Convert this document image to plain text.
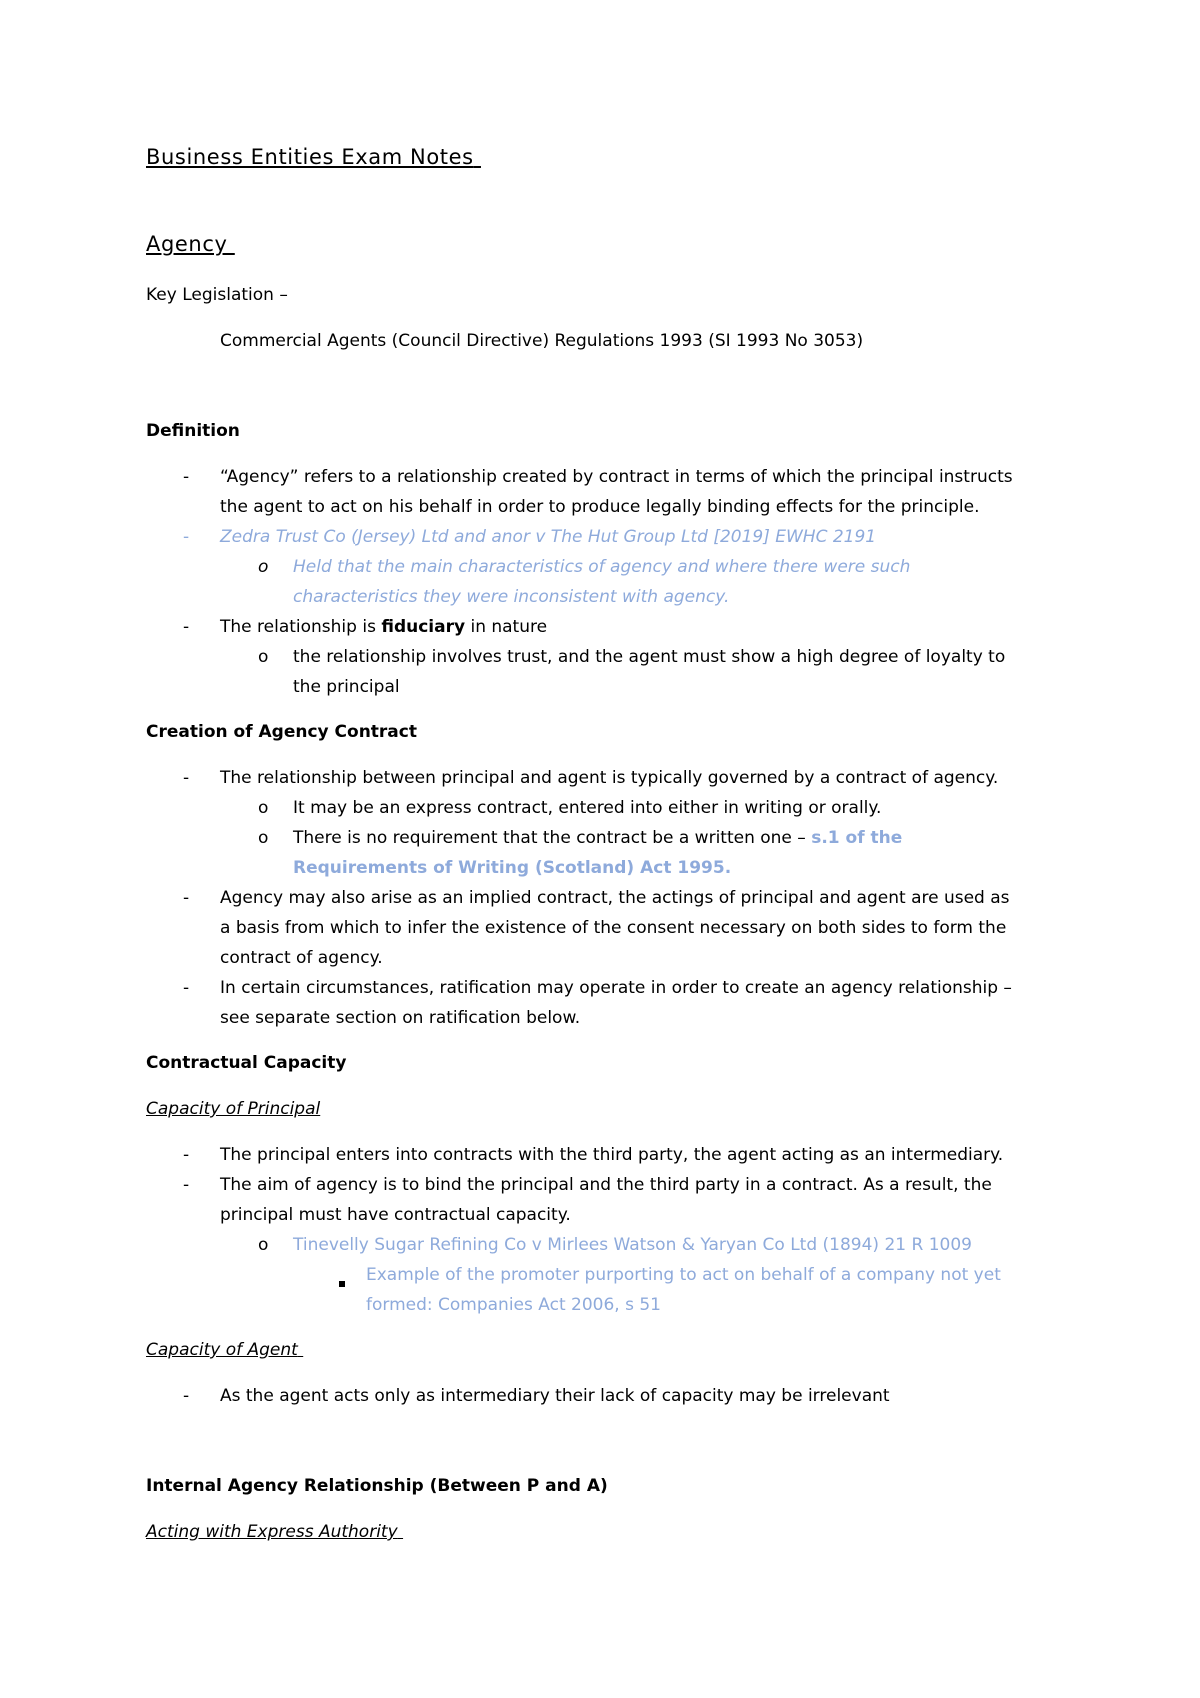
Business Entities Exam Notes
Agency
Key Legislation –
Commercial Agents (Council Directive) Regulations 1993 (SI 1993 No 3053)
Definition
- “Agency” refers to a relationship created by contract in terms of which the principal instructs
the agent to act on his behalf in order to produce legally binding effects for the principle.
- Zedra Trust Co (Jersey) Ltd and anor v The Hut Group Ltd [2019] EWHC 2191
o Held that the main characteristics of agency and where there were such
characteristics they were inconsistent with agency.
- The relationship is fiduciary in nature
o the relationship involves trust, and the agent must show a high degree of loyalty to
the principal
Creation of Agency Contract
- The relationship between principal and agent is typically governed by a contract of agency.
o It may be an express contract, entered into either in writing or orally.
o There is no requirement that the contract be a written one – s.1 of the
Requirements of Writing (Scotland) Act 1995.
- Agency may also arise as an implied contract, the actings of principal and agent are used as
a basis from which to infer the existence of the consent necessary on both sides to form the
contract of agency.
- In certain circumstances, ratification may operate in order to create an agency relationship –
see separate section on ratification below.
Contractual Capacity
Capacity of Principal
- The principal enters into contracts with the third party, the agent acting as an intermediary.
- The aim of agency is to bind the principal and the third party in a contract. As a result, the
principal must have contractual capacity.
o Tinevelly Sugar Refining Co v Mirlees Watson & Yaryan Co Ltd (1894) 21 R 1009
Example of the promoter purporting to act on behalf of a company not yet
formed: Companies Act 2006, s 51
Capacity of Agent
- As the agent acts only as intermediary their lack of capacity may be irrelevant
Internal Agency Relationship (Between P and A)
Acting with Express Authority
